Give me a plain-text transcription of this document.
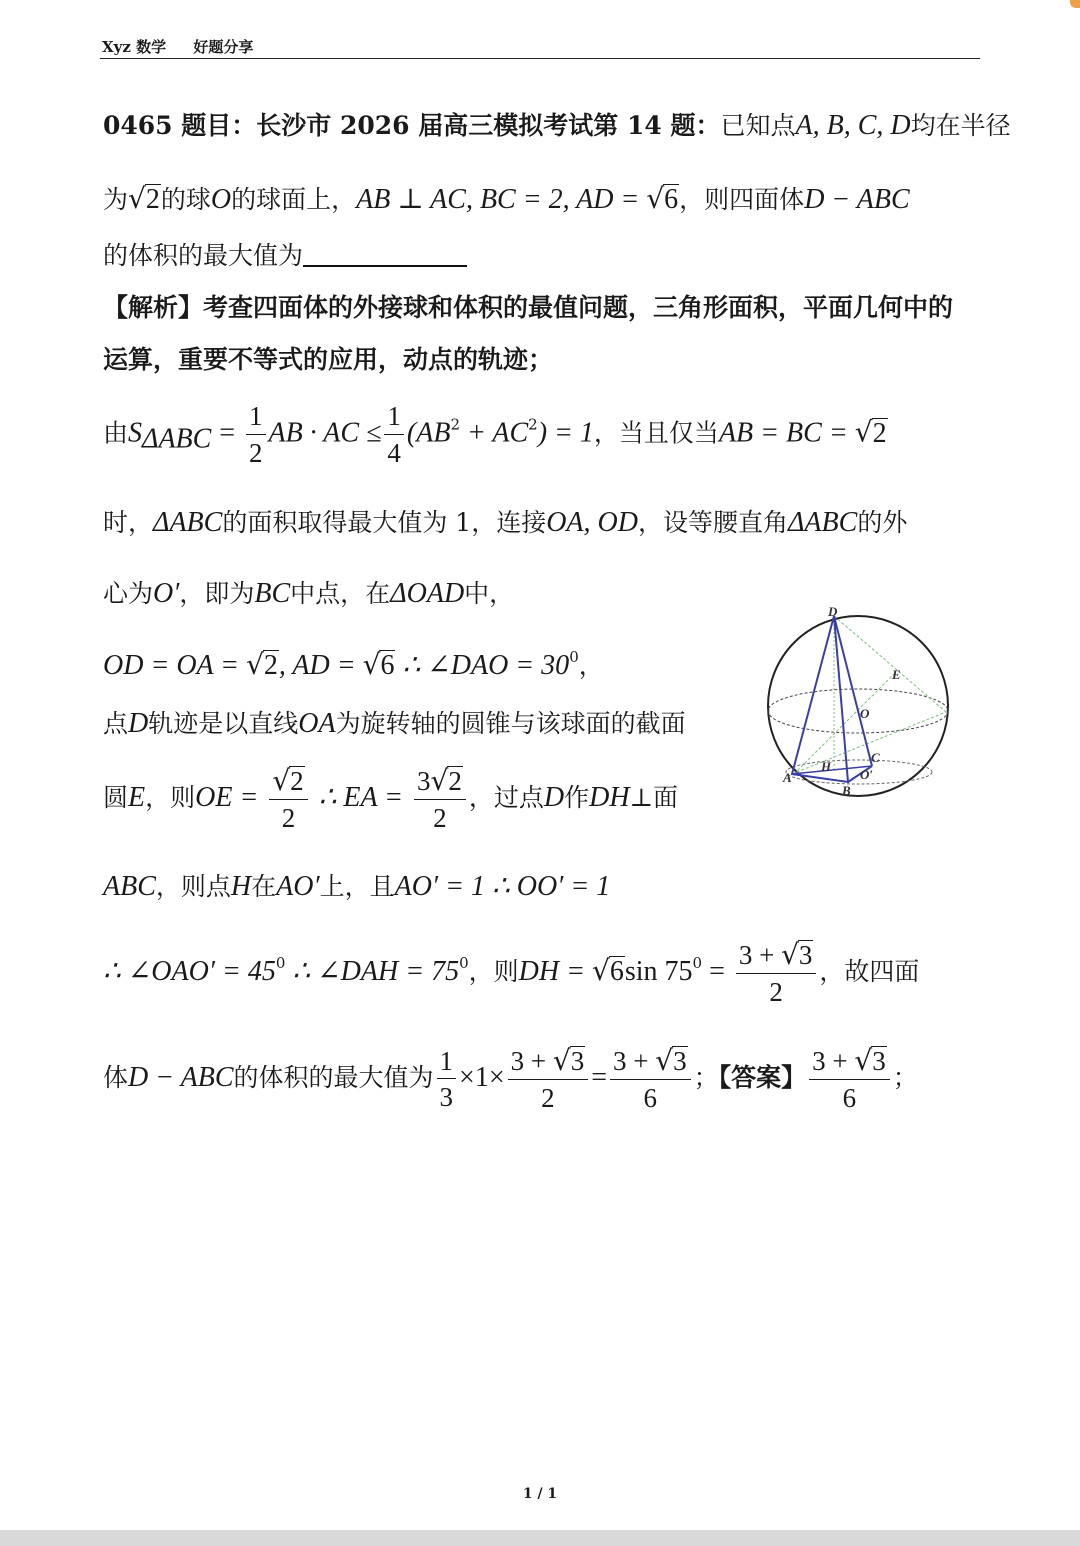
Xyz 数学 好题分享
0465 题目：长沙市 2026 届高三模拟考试第 14 题：已知点A, B, C, D均在半径
为√2的球O的球面上，AB ⊥ AC, BC = 2, AD = √6，则四面体D − ABC
的体积的最大值为
【解析】考查四面体的外接球和体积的最值问题，三角形面积，平面几何中的
运算，重要不等式的应用，动点的轨迹；
由$S_{\Delta ABC} = \frac{1}{2}$ AB · AC ≤ $\frac{1}{4} (AB^2 + AC^2) = 1$，当且仅当AB = BC = √2
时，ΔABC的面积取得最大值为 1，连接OA, OD，设等腰直角ΔABC的外
心为O′，即为BC中点，在ΔOAD中，
OD = OA = √2, AD = √6 ∴ ∠DAO = $30^0$，
点D轨迹是以直线OA为旋转轴的圆锥与该球面的截面
圆E，则OE = $\frac{√2}{2}$ ∴ EA = $\frac{3√2}{2}$ ，过点D作DH⊥面
ABC，则点H在AO′上，且AO′ = 1 ∴ OO′ = 1
∴ ∠OAO′ = $45^0$ ∴ ∠DAH = $75^0$，则DH = √6sin $75^0 = \frac{3 + √3}{2}$ ，故四面
体D − ABC的体积的最大值为 $\frac{1}{3} \times 1\times \frac{3 + √3}{2} = \frac{3 + √3}{6}$ ；【答案】 $\frac{3 + √3}{6}$ ；
D
E
O
C
A
H
B
O′
1 / 1
